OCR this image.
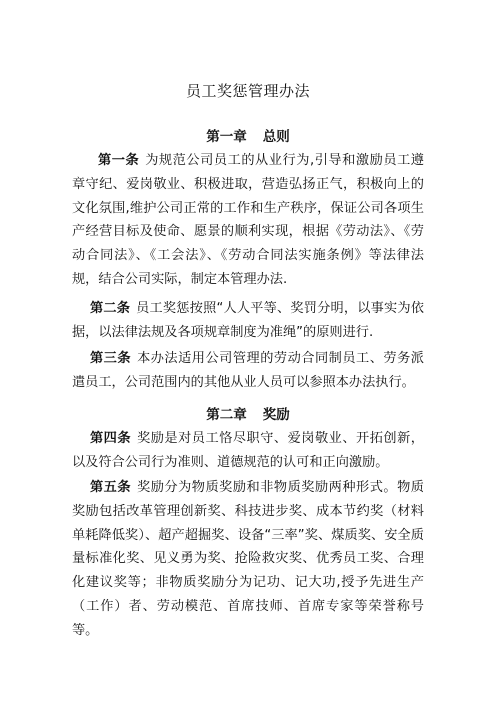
员工奖惩管理办法
第一章 总则
第一条 为规范公司员工的从业行为,引导和激励员工遵章守纪、爱岗敬业、积极进取，营造弘扬正气，积极向上的文化氛围,维护公司正常的工作和生产秩序，保证公司各项生产经营目标及使命、愿景的顺利实现，根据《劳动法》、《劳动合同法》、《工会法》、《劳动合同法实施条例》等法律法规，结合公司实际，制定本管理办法.
第二条 员工奖惩按照“人人平等、奖罚分明，以事实为依据，以法律法规及各项规章制度为准绳”的原则进行.
第三条 本办法适用公司管理的劳动合同制员工、劳务派遣员工，公司范围内的其他从业人员可以参照本办法执行。
第二章 奖励
第四条 奖励是对员工恪尽职守、爱岗敬业、开拓创新，以及符合公司行为准则、道德规范的认可和正向激励。
第五条 奖励分为物质奖励和非物质奖励两种形式。物质奖励包括改革管理创新奖、科技进步奖、成本节约奖（材料单耗降低奖）、超产超掘奖、设备“三率”奖、煤质奖、安全质量标准化奖、见义勇为奖、抢险救灾奖、优秀员工奖、合理化建议奖等；非物质奖励分为记功、记大功,授予先进生产（工作）者、劳动模范、首席技师、首席专家等荣誉称号等。
